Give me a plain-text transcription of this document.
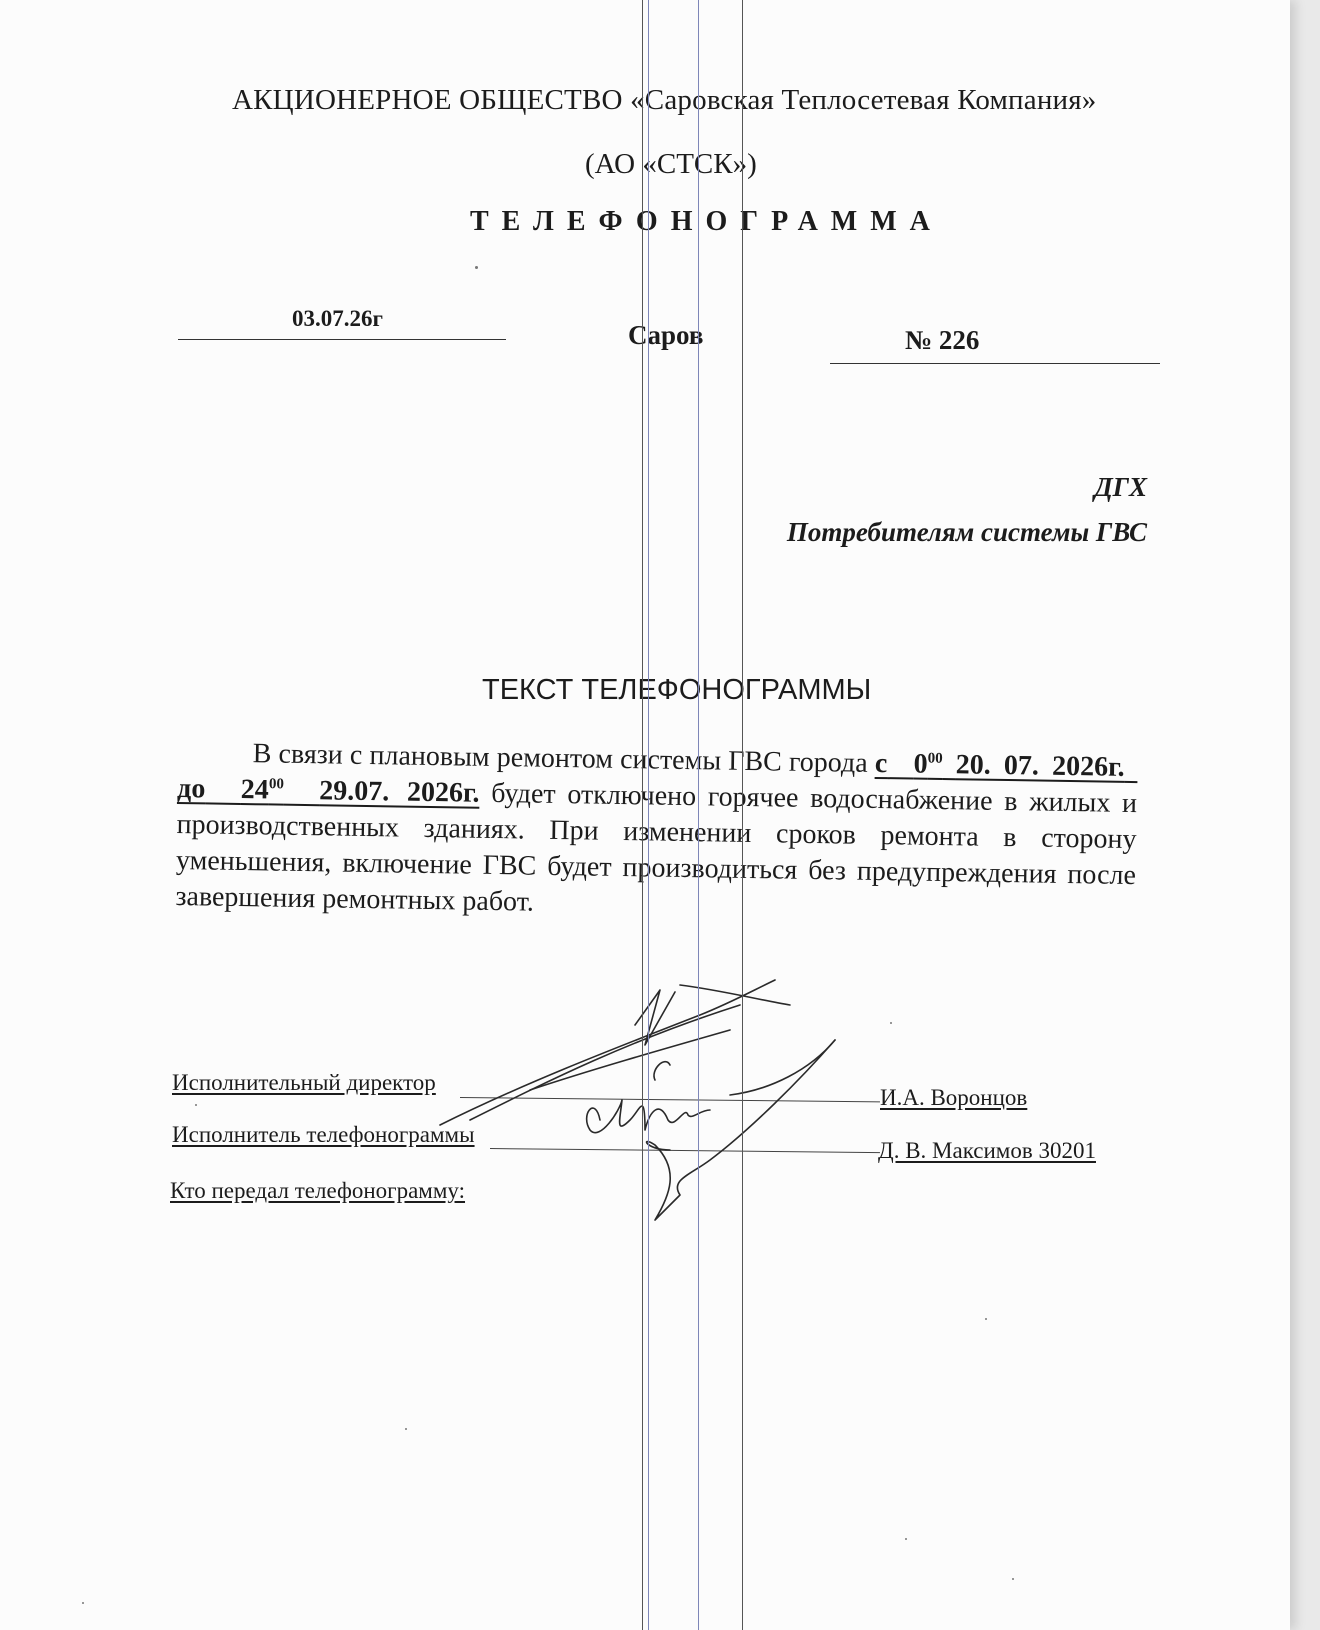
АКЦИОНЕРНОЕ ОБЩЕСТВО «Саровская Теплосетевая Компания»
(АО «СТСК»)
ТЕЛЕФОНОГРАММА
03.07.26г
Саров	№ 226
ДГХ
Потребителям системы ГВС
ТЕКСТ ТЕЛЕФОНОГРАММЫ
В связи с плановым ремонтом системы ГВС города с $0^{00}$ 20. 07. 2026г.  до $24^{00}$ 29.07. 2026г. будет отключено горячее водоснабжение в жилых и производственных зданиях. При изменении сроков ремонта в сторону уменьшения, включение ГВС будет производиться без предупреждения после завершения ремонтных работ.
Исполнительный директор
И.А. Воронцов
Исполнитель телефонограммы
Д. В. Максимов 30201
Кто передал телефонограмму:
